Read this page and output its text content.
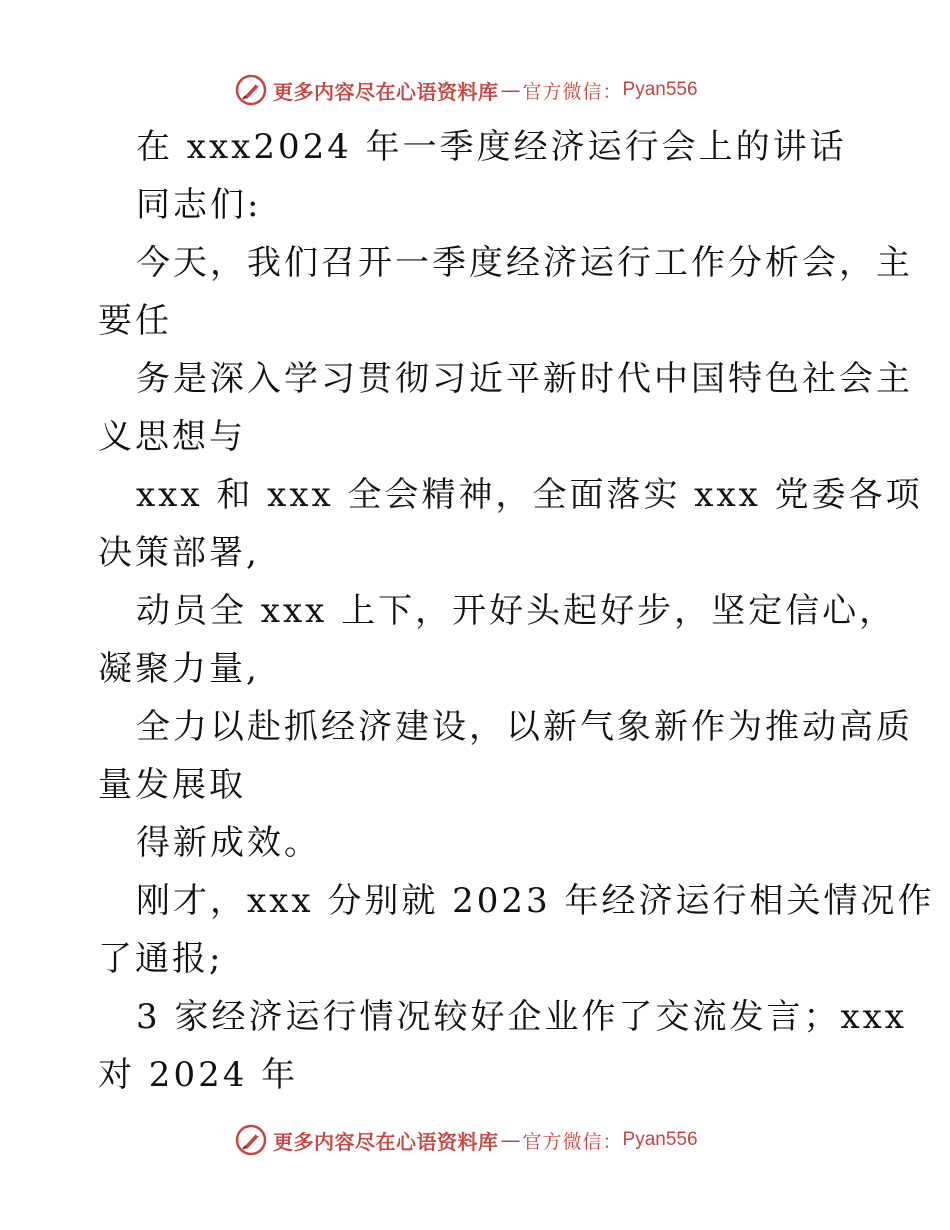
更多内容尽在心语资料库 — 官方微信： Pyan556
在 xxx2024 年一季度经济运行会上的讲话
同志们:
今天，我们召开一季度经济运行工作分析会，主
要任
务是深入学习贯彻习近平新时代中国特色社会主
义思想与
xxx 和 xxx 全会精神，全面落实 xxx 党委各项
决策部署,
动员全 xxx 上下，开好头起好步，坚定信心，
凝聚力量,
全力以赴抓经济建设，以新气象新作为推动高质
量发展取
得新成效。
刚才，xxx 分别就 2023 年经济运行相关情况作
了通报;
3 家经济运行情况较好企业作了交流发言；xxx
对 2024 年
更多内容尽在心语资料库 — 官方微信： Pyan556
